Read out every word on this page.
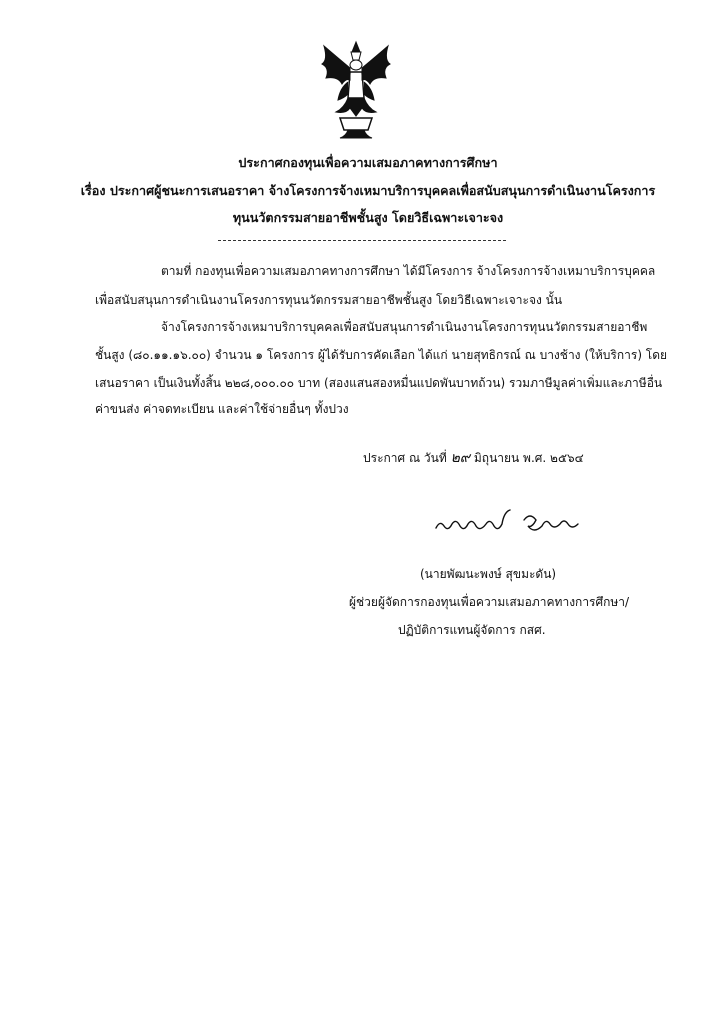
ประกาศกองทุนเพื่อความเสมอภาคทางการศึกษา
เรื่อง ประกาศผู้ชนะการเสนอราคา จ้างโครงการจ้างเหมาบริการบุคคลเพื่อสนับสนุนการดำเนินงานโครงการ
ทุนนวัตกรรมสายอาชีพชั้นสูง โดยวิธีเฉพาะเจาะจง
ตามที่ กองทุนเพื่อความเสมอภาคทางการศึกษา ได้มีโครงการ จ้างโครงการจ้างเหมาบริการบุคคล
เพื่อสนับสนุนการดำเนินงานโครงการทุนนวัตกรรมสายอาชีพชั้นสูง โดยวิธีเฉพาะเจาะจง นั้น
จ้างโครงการจ้างเหมาบริการบุคคลเพื่อสนับสนุนการดำเนินงานโครงการทุนนวัตกรรมสายอาชีพ
ชั้นสูง (๘๐.๑๑.๑๖.๐๐) จำนวน ๑ โครงการ ผู้ได้รับการคัดเลือก ได้แก่ นายสุทธิกรณ์ ณ บางช้าง (ให้บริการ) โดย
เสนอราคา เป็นเงินทั้งสิ้น ๒๒๘,๐๐๐.๐๐ บาท (สองแสนสองหมื่นแปดพันบาทถ้วน) รวมภาษีมูลค่าเพิ่มและภาษีอื่น
ค่าขนส่ง ค่าจดทะเบียน และค่าใช้จ่ายอื่นๆ ทั้งปวง
ประกาศ ณ วันที่ ๒๙ มิถุนายน พ.ศ. ๒๕๖๔
(นายพัฒนะพงษ์ สุขมะดัน)
ผู้ช่วยผู้จัดการกองทุนเพื่อความเสมอภาคทางการศึกษา/
ปฏิบัติการแทนผู้จัดการ กสศ.
